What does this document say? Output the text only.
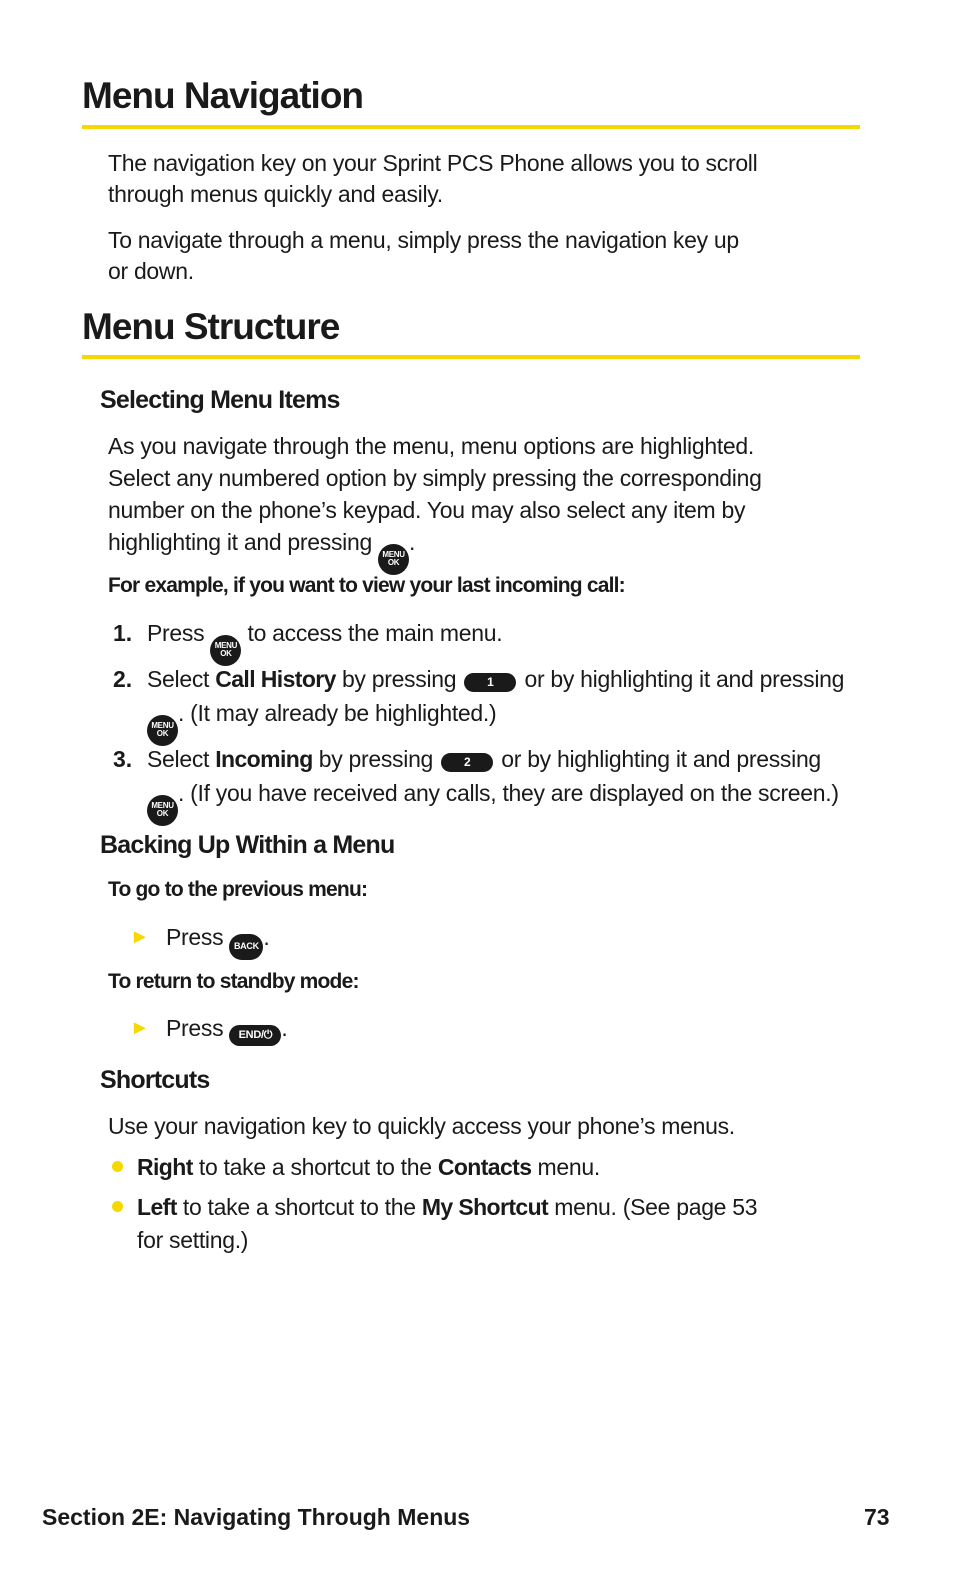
Menu Navigation

The navigation key on your Sprint PCS Phone allows you to scroll

through menus quickly and easily.

To navigate through a menu, simply press the navigation key up

or down.

Menu Structure
Selecting Menu Items

As you navigate through the menu, menu options are highlighted.

Select any numbered option by simply pressing the corresponding

number on the phone’s keypad. You may also select any item by

highlighting it and pressing MENU
OK
.

For example, if you want to view your last incoming call:

1. Press MENU
OK
to access the main menu.

2. Select Call History by pressing	1 or by highlighting it and pressing

MENU
OK
. (It may already be highlighted.)

3. Select Incoming by pressing	2 or by highlighting it and pressing

MENU
OK
. (If you have received any calls, they are displayed on the screen.)

Backing Up Within a Menu

To go to the previous menu:

► Press BACK .

To return to standby mode:

► Press END/⏻ .

Shortcuts

Use your navigation key to quickly access your phone’s menus.

Right to take a shortcut to the Contacts menu.

Left to take a shortcut to the My Shortcut menu. (See page 53

for setting.)

Section 2E: Navigating Through Menus	73
